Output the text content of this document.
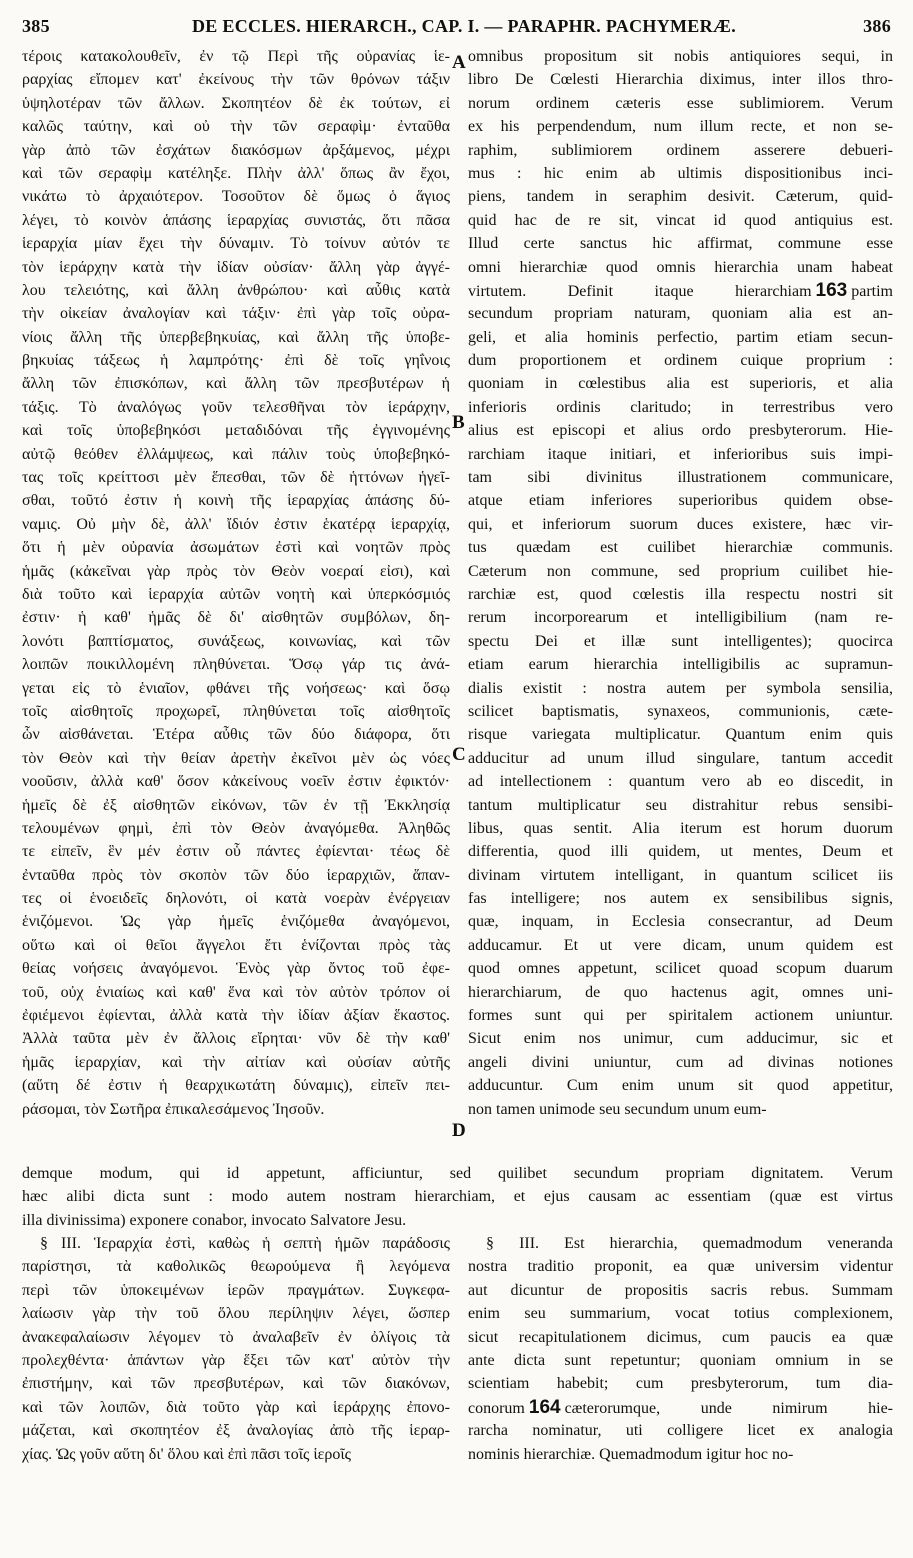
385	DE ECCLES. HIERARCH., CAP. I. — PARAPHR. PACHYMERÆ.	386
τέροις κατακολουθεῖν, ἐν τῷ Περὶ τῆς οὐρανίας ἱε-
ραρχίας εἴπομεν κατ' ἐκείνους τὴν τῶν θρόνων τάξιν
ὑψηλοτέραν τῶν ἄλλων. Σκοπητέον δὲ ἐκ τούτων, εἰ
καλῶς ταύτην, καὶ οὐ τὴν τῶν σεραφὶμ· ἐνταῦθα
γὰρ ἀπὸ τῶν ἐσχάτων διακόσμων ἀρξάμενος, μέχρι
καὶ τῶν σεραφὶμ κατέληξε. Πλὴν ἀλλ' ὅπως ἂν ἔχοι,
νικάτω τὸ ἀρχαιότερον. Τοσοῦτον δὲ ὅμως ὁ ἅγιος
λέγει, τὸ κοινὸν ἁπάσης ἱεραρχίας συνιστάς, ὅτι πᾶσα
ἱεραρχία μίαν ἔχει τὴν δύναμιν. Τὸ τοίνυν αὐτόν τε
τὸν ἱεράρχην κατὰ τὴν ἰδίαν οὐσίαν· ἄλλη γὰρ ἀγγέ-
λου τελειότης, καὶ ἄλλη ἀνθρώπου· καὶ αὖθις κατὰ
τὴν οἰκείαν ἀναλογίαν καὶ τάξιν· ἐπὶ γὰρ τοῖς οὐρα-
νίοις ἄλλη τῆς ὑπερβεβηκυίας, καὶ ἄλλη τῆς ὑποβε-
βηκυίας τάξεως ἡ λαμπρότης· ἐπὶ δὲ τοῖς γηΐνοις
ἄλλη τῶν ἐπισκόπων, καὶ ἄλλη τῶν πρεσβυτέρων ἡ
τάξις. Τὸ ἀναλόγως γοῦν τελεσθῆναι τὸν ἱεράρχην,
καὶ τοῖς ὑποβεβηκόσι μεταδιδόναι τῆς ἐγγινομένης
αὐτῷ θεόθεν ἐλλάμψεως, καὶ πάλιν τοὺς ὑποβεβηκό-
τας τοῖς κρείττοσι μὲν ἕπεσθαι, τῶν δὲ ἡττόνων ἡγεῖ-
σθαι, τοῦτό ἐστιν ἡ κοινὴ τῆς ἱεραρχίας ἁπάσης δύ-
ναμις. Οὐ μὴν δὲ, ἀλλ' ἴδιόν ἐστιν ἑκατέρᾳ ἱεραρχίᾳ,
ὅτι ἡ μὲν οὐρανία ἀσωμάτων ἐστὶ καὶ νοητῶν πρὸς
ἡμᾶς (κἀκεῖναι γὰρ πρὸς τὸν Θεὸν νοεραί εἰσι), καὶ
διὰ τοῦτο καὶ ἱεραρχία αὐτῶν νοητὴ καὶ ὑπερκόσμιός
ἐστιν· ἡ καθ' ἡμᾶς δὲ δι' αἰσθητῶν συμβόλων, δη-
λονότι βαπτίσματος, συνάξεως, κοινωνίας, καὶ τῶν
λοιπῶν ποικιλλομένη πληθύνεται. Ὅσῳ γάρ τις ἀνά-
γεται εἰς τὸ ἑνιαῖον, φθάνει τῆς νοήσεως· καὶ ὅσῳ
τοῖς αἰσθητοῖς προχωρεῖ, πληθύνεται τοῖς αἰσθητοῖς
ὧν αἰσθάνεται. Ἑτέρα αὖθις τῶν δύο διάφορα, ὅτι
τὸν Θεὸν καὶ τὴν θείαν ἀρετὴν ἐκεῖνοι μὲν ὡς νόες
νοοῦσιν, ἀλλὰ καθ' ὅσον κἀκείνους νοεῖν ἐστιν ἐφικτόν·
ἡμεῖς δὲ ἐξ αἰσθητῶν εἰκόνων, τῶν ἐν τῇ Ἐκκλησίᾳ
τελουμένων φημὶ, ἐπὶ τὸν Θεὸν ἀναγόμεθα. Ἀληθῶς
τε εἰπεῖν, ἓν μέν ἐστιν οὗ πάντες ἐφίενται· τέως δὲ
ἐνταῦθα πρὸς τὸν σκοπὸν τῶν δύο ἱεραρχιῶν, ἅπαν-
τες οἱ ἑνοειδεῖς δηλονότι, οἱ κατὰ νοερὰν ἐνέργειαν
ἑνιζόμενοι. Ὡς γὰρ ἡμεῖς ἑνιζόμεθα ἀναγόμενοι,
οὕτω καὶ οἱ θεῖοι ἄγγελοι ἔτι ἑνίζονται πρὸς τὰς
θείας νοήσεις ἀναγόμενοι. Ἑνὸς γὰρ ὄντος τοῦ ἐφε-
τοῦ, οὐχ ἑνιαίως καὶ καθ' ἕνα καὶ τὸν αὐτὸν τρόπον οἱ
ἐφιέμενοι ἐφίενται, ἀλλὰ κατὰ τὴν ἰδίαν ἀξίαν ἕκαστος.
Ἀλλὰ ταῦτα μὲν ἐν ἄλλοις εἴρηται· νῦν δὲ τὴν καθ'
ἡμᾶς ἱεραρχίαν, καὶ τὴν αἰτίαν καὶ οὐσίαν αὐτῆς
(αὕτη δέ ἐστιν ἡ θεαρχικωτάτη δύναμις), εἰπεῖν πει-
ράσομαι, τὸν Σωτῆρα ἐπικαλεσάμενος Ἰησοῦν.
omnibus propositum sit nobis antiquiores sequi, in
libro De Cœlesti Hierarchia diximus, inter illos thro-
norum ordinem cæteris esse sublimiorem. Verum
ex his perpendendum, num illum recte, et non se-
raphim, sublimiorem ordinem asserere debueri-
mus : hic enim ab ultimis dispositionibus inci-
piens, tandem in seraphim desivit. Cæterum, quid-
quid hac de re sit, vincat id quod antiquius est.
Illud certe sanctus hic affirmat, commune esse
omni hierarchiæ quod omnis hierarchia unam habeat
virtutem. Definit itaque hierarchiam 163 partim
secundum propriam naturam, quoniam alia est an-
geli, et alia hominis perfectio, partim etiam secun-
dum proportionem et ordinem cuique proprium :
quoniam in cœlestibus alia est superioris, et alia
inferioris ordinis claritudo; in terrestribus vero
alius est episcopi et alius ordo presbyterorum. Hie-
rarchiam itaque initiari, et inferioribus suis impi-
tam sibi divinitus illustrationem communicare,
atque etiam inferiores superioribus quidem obse-
qui, et inferiorum suorum duces existere, hæc vir-
tus quædam est cuilibet hierarchiæ communis.
Cæterum non commune, sed proprium cuilibet hie-
rarchiæ est, quod cœlestis illa respectu nostri sit
rerum incorporearum et intelligibilium (nam re-
spectu Dei et illæ sunt intelligentes); quocirca
etiam earum hierarchia intelligibilis ac supramun-
dialis existit : nostra autem per symbola sensilia,
scilicet baptismatis, synaxeos, communionis, cæte-
risque variegata multiplicatur. Quantum enim quis
adducitur ad unum illud singulare, tantum accedit
ad intellectionem : quantum vero ab eo discedit, in
tantum multiplicatur seu distrahitur rebus sensibi-
libus, quas sentit. Alia iterum est horum duorum
differentia, quod illi quidem, ut mentes, Deum et
divinam virtutem intelligant, in quantum scilicet iis
fas intelligere; nos autem ex sensibilibus signis,
quæ, inquam, in Ecclesia consecrantur, ad Deum
adducamur. Et ut vere dicam, unum quidem est
quod omnes appetunt, scilicet quoad scopum duarum
hierarchiarum, de quo hactenus agit, omnes uni-
formes sunt qui per spiritalem actionem uniuntur.
Sicut enim nos unimur, cum adducimur, sic et
angeli divini uniuntur, cum ad divinas notiones
adducuntur. Cum enim unum sit quod appetitur,
non tamen unimode seu secundum unum eum-
A
B
C
D
demque modum, qui id appetunt, afficiuntur, sed quilibet secundum propriam dignitatem. Verum
hæc alibi dicta sunt : modo autem nostram hierarchiam, et ejus causam ac essentiam (quæ est virtus
illa divinissima) exponere conabor, invocato Salvatore Jesu.
§ III. Ἱεραρχία ἐστὶ, καθὼς ἡ σεπτὴ ἡμῶν παράδοσις
παρίστησι, τὰ καθολικῶς θεωρούμενα ἢ λεγόμενα
περὶ τῶν ὑποκειμένων ἱερῶν πραγμάτων. Συγκεφα-
λαίωσιν γὰρ τὴν τοῦ ὅλου περίληψιν λέγει, ὥσπερ
ἀνακεφαλαίωσιν λέγομεν τὸ ἀναλαβεῖν ἐν ὀλίγοις τὰ
προλεχθέντα· ἁπάντων γὰρ ἕξει τῶν κατ' αὐτὸν τὴν
ἐπιστήμην, καὶ τῶν πρεσβυτέρων, καὶ τῶν διακόνων,
καὶ τῶν λοιπῶν, διὰ τοῦτο γὰρ καὶ ἱεράρχης ἐπονο-
μάζεται, καὶ σκοπητέον ἐξ ἀναλογίας ἀπὸ τῆς ἱεραρ-
χίας. Ὡς γοῦν αὕτη δι' ὅλου καὶ ἐπὶ πᾶσι τοῖς ἱεροῖς
§ III. Est hierarchia, quemadmodum veneranda
nostra traditio proponit, ea quæ universim videntur
aut dicuntur de propositis sacris rebus. Summam
enim seu summarium, vocat totius complexionem,
sicut recapitulationem dicimus, cum paucis ea quæ
ante dicta sunt repetuntur; quoniam omnium in se
scientiam habebit; cum presbyterorum, tum dia-
conorum 164 cæterorumque, unde nimirum hie-
rarcha nominatur, uti colligere licet ex analogia
nominis hierarchiæ. Quemadmodum igitur hoc no-
